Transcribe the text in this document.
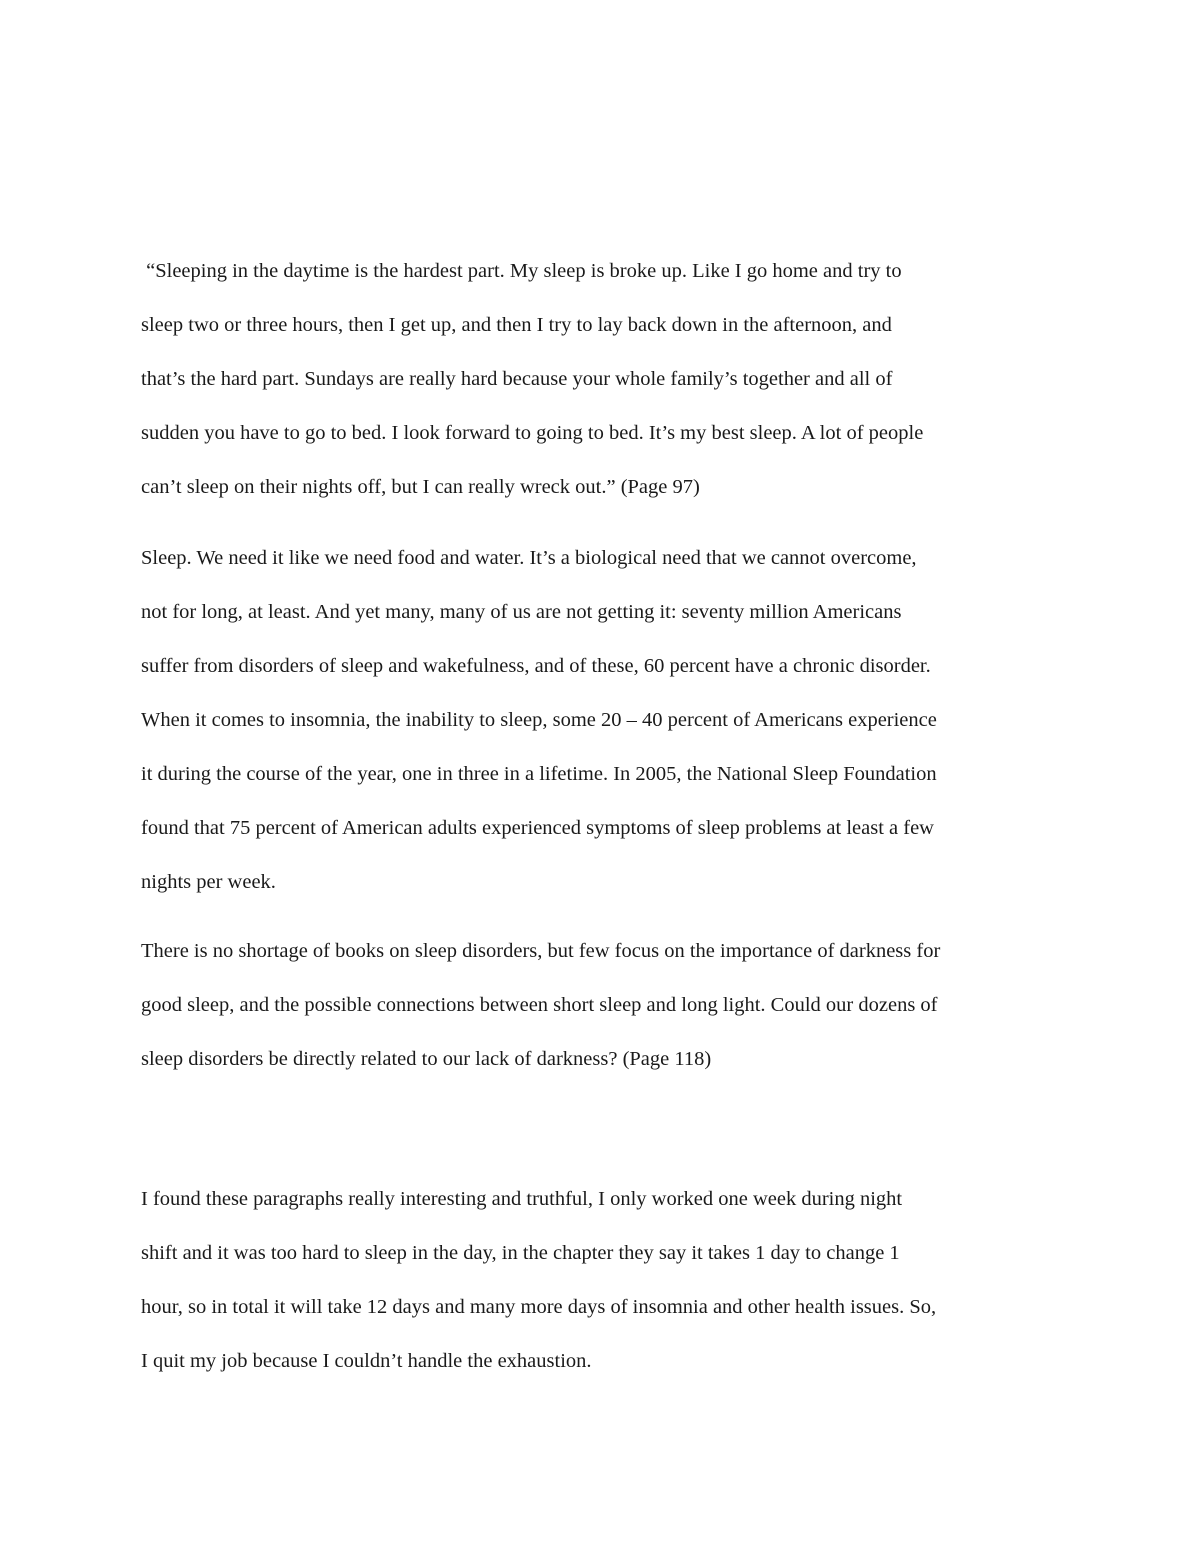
“Sleeping in the daytime is the hardest part. My sleep is broke up. Like I go home and try to
sleep two or three hours, then I get up, and then I try to lay back down in the afternoon, and
that’s the hard part. Sundays are really hard because your whole family’s together and all of
sudden you have to go to bed. I look forward to going to bed. It’s my best sleep. A lot of people
can’t sleep on their nights off, but I can really wreck out.” (Page 97)

Sleep. We need it like we need food and water. It’s a biological need that we cannot overcome,
not for long, at least. And yet many, many of us are not getting it: seventy million Americans
suffer from disorders of sleep and wakefulness, and of these, 60 percent have a chronic disorder.
When it comes to insomnia, the inability to sleep, some 20 – 40 percent of Americans experience
it during the course of the year, one in three in a lifetime. In 2005, the National Sleep Foundation
found that 75 percent of American adults experienced symptoms of sleep problems at least a few
nights per week.

There is no shortage of books on sleep disorders, but few focus on the importance of darkness for
good sleep, and the possible connections between short sleep and long light. Could our dozens of
sleep disorders be directly related to our lack of darkness? (Page 118)

I found these paragraphs really interesting and truthful, I only worked one week during night
shift and it was too hard to sleep in the day, in the chapter they say it takes 1 day to change 1
hour, so in total it will take 12 days and many more days of insomnia and other health issues. So,
I quit my job because I couldn’t handle the exhaustion.
